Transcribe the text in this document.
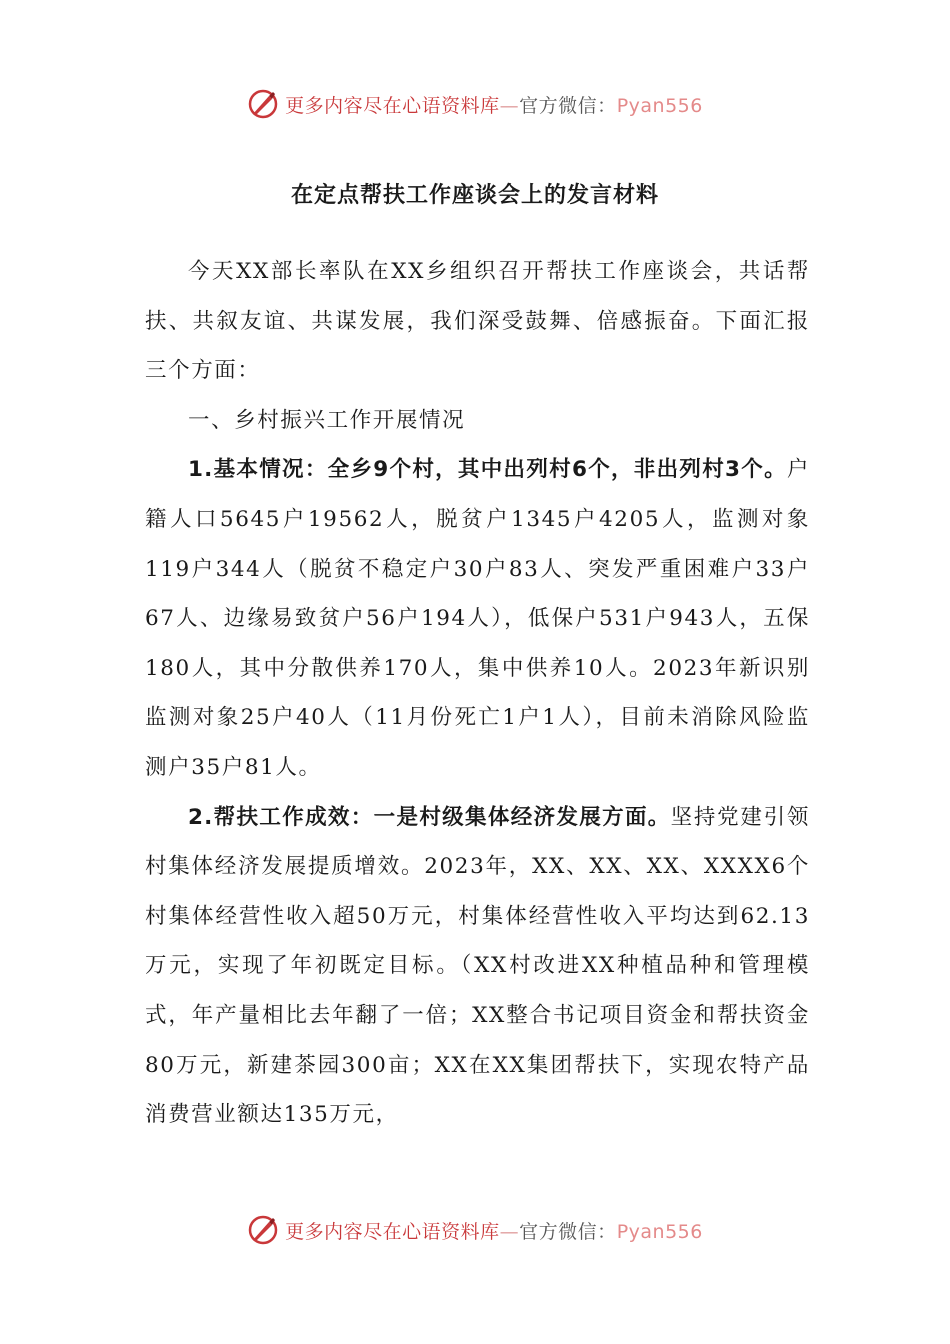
更多内容尽在心语资料库—官方微信：Pyan556
在定点帮扶工作座谈会上的发言材料

今天XX部长率队在XX乡组织召开帮扶工作座谈会，共话帮扶、共叙友谊、共谋发展，我们深受鼓舞、倍感振奋。下面汇报三个方面：

一、乡村振兴工作开展情况

1.基本情况：全乡9个村，其中出列村6个，非出列村3个。户籍人口5645户19562人，脱贫户1345户4205人，监测对象119户344人（脱贫不稳定户30户83人、突发严重困难户33户67人、边缘易致贫户56户194人），低保户531户943人，五保180人，其中分散供养170人，集中供养10人。2023年新识别监测对象25户40人（11月份死亡1户1人），目前未消除风险监测户35户81人。

2.帮扶工作成效：一是村级集体经济发展方面。坚持党建引领村集体经济发展提质增效。2023年，XX、XX、XX、XXXX6个村集体经营性收入超50万元，村集体经营性收入平均达到62.13万元，实现了年初既定目标。（XX村改进XX种植品种和管理模式，年产量相比去年翻了一倍；XX整合书记项目资金和帮扶资金80万元，新建茶园300亩；XX在XX集团帮扶下，实现农特产品消费营业额达135万元，

更多内容尽在心语资料库—官方微信：Pyan556
